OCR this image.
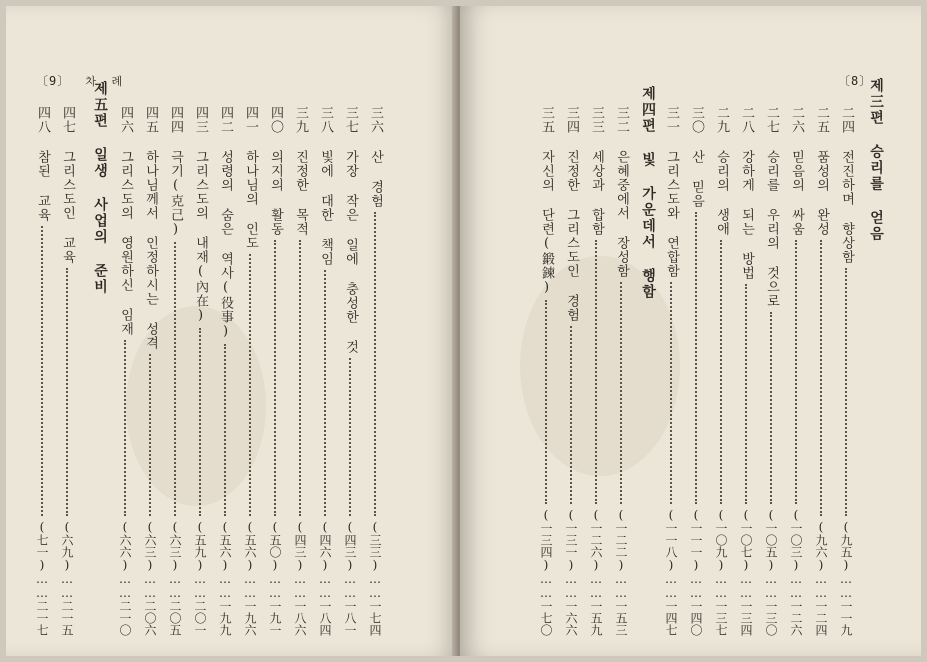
〔9〕 차 례
三六 산 경험
(三三)……一七四
三七 가장 작은 일에 충성한 것
(四三)……一八一
三八 빛에 대한 책임
(四六)……一八四
三九 진정한 목적
(四三)……一八六
四〇 의지의 활동
(五〇)……一九一
四一 하나님의 인도
(五六)……一九六
四二 성령의 숨은 역사(役事)
(五六)……一九九
四三 그리스도의 내재(內在)
(五九)……二〇一
四四 극기(克己)
(六三)……二〇五
四五 하나님께서 인정하시는 성격
(六三)……二〇六
四六 그리스도의 영원하신 임재
(六六)……二一〇
四七 그리스도인 교육
(六九)……二一五
四八 참된 교육
(七一)……二一七
제五편 일생 사업의 준비	〔8〕
二四 전진하며 향상함
(九五)……一一九
二五 품성의 완성
(九六)……一二四
二六 믿음의 싸움
(一〇三)……一二六
二七 승리를 우리의 것으로
(一〇五)……一三〇
二八 강하게 되는 방법
(一〇七)……一三四
二九 승리의 생애
(一〇九)……一三七
三〇 산 믿음
(一一一)……一四〇
三一 그리스도와 연합함
(一一八)……一四七
三二 은혜중에서 장성함
(一二二)……一五三
三三 세상과 합함
(一二六)……一五九
三四 진정한 그리스도인 경험
(一三一)……一六六
三五 자신의 단련(鍛鍊)
(一三四)……一七〇
제三편 승리를 얻음
제四편 빛 가운데서 행함
